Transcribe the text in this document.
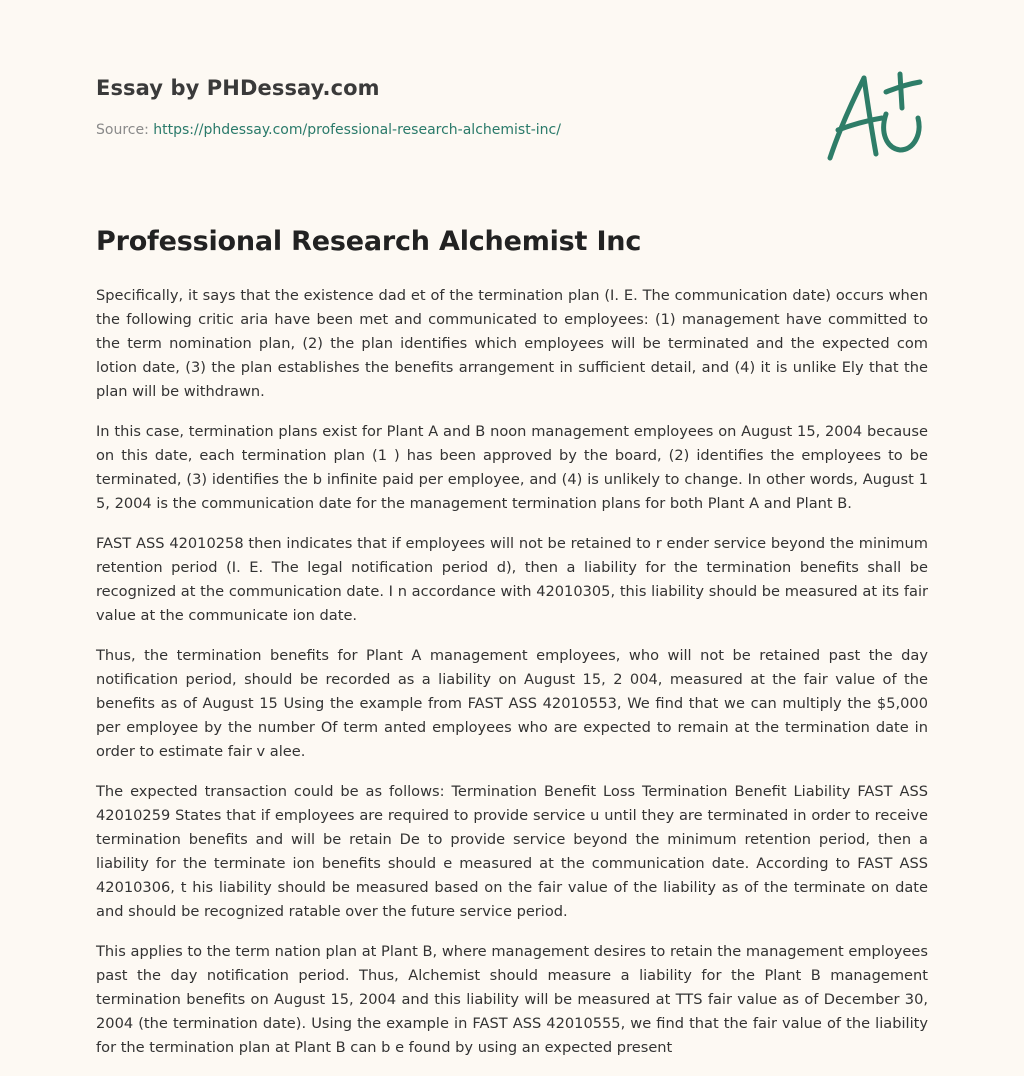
Essay by PHDessay.com
Source: https://phdessay.com/professional-research-alchemist-inc/
Professional Research Alchemist Inc

Specifically, it says that the existence dad et of the termination plan (I. E. The communication date) occurs when the following critic aria have been met and communicated to employees: (1) management have committed to the term nomination plan, (2) the plan identifies which employees will be terminated and the expected com lotion date, (3) the plan establishes the benefits arrangement in sufficient detail, and (4) it is unlike Ely that the plan will be withdrawn.

In this case, termination plans exist for Plant A and B noon management employees on August 15, 2004 because on this date, each termination plan (1 ) has been approved by the board, (2) identifies the employees to be terminated, (3) identifies the b infinite paid per employee, and (4) is unlikely to change. In other words, August 1 5, 2004 is the communication date for the management termination plans for both Plant A and Plant B.

FAST ASS 42010258 then indicates that if employees will not be retained to r ender service beyond the minimum retention period (I. E. The legal notification period d), then a liability for the termination benefits shall be recognized at the communication date. I n accordance with 42010305, this liability should be measured at its fair value at the communicate ion date.

Thus, the termination benefits for Plant A management employees, who will not be retained past the day notification period, should be recorded as a liability on August 15, 2 004, measured at the fair value of the benefits as of August 15 Using the example from FAST ASS 42010553, We find that we can multiply the $5,000 per employee by the number Of term anted employees who are expected to remain at the termination date in order to estimate fair v alee.

The expected transaction could be as follows: Termination Benefit Loss Termination Benefit Liability FAST ASS 42010259 States that if employees are required to provide service u until they are terminated in order to receive termination benefits and will be retain De to provide service beyond the minimum retention period, then a liability for the terminate ion benefits should e measured at the communication date. According to FAST ASS 42010306, t his liability should be measured based on the fair value of the liability as of the terminate on date and should be recognized ratable over the future service period.

This applies to the term nation plan at Plant B, where management desires to retain the management employees past the day notification period. Thus, Alchemist should measure a liability for the Plant B management termination benefits on August 15, 2004 and this liability will be measured at TTS fair value as of December 30, 2004 (the termination date). Using the example in FAST ASS 42010555, we find that the fair value of the liability for the termination plan at Plant B can b e found by using an expected present
